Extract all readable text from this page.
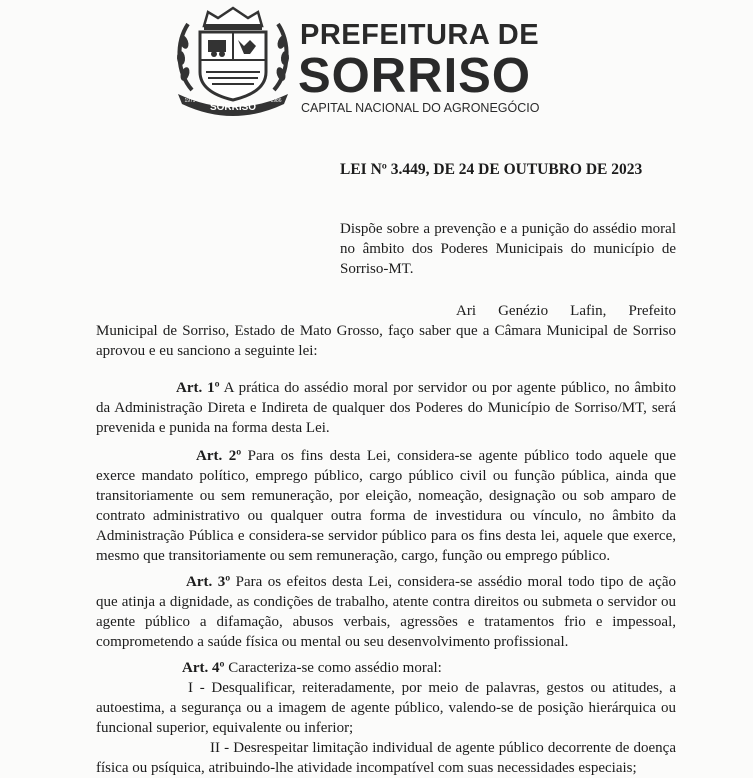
SORRISO
1979	1986
PREFEITURA DE
SORRISO
CAPITAL NACIONAL DO AGRONEGÓCIO
LEI Nº 3.449, DE 24 DE OUTUBRO DE 2023
Dispõe sobre a prevenção e a punição do assédio moral no âmbito dos Poderes Municipais do município de Sorriso-MT.
Ari Genézio Lafin, Prefeito Municipal de Sorriso, Estado de Mato Grosso, faço saber que a Câmara Municipal de Sorriso aprovou e eu sanciono a seguinte lei:
Art. 1º A prática do assédio moral por servidor ou por agente público, no âmbito da Administração Direta e Indireta de qualquer dos Poderes do Município de Sorriso/MT, será prevenida e punida na forma desta Lei.
Art. 2º Para os fins desta Lei, considera-se agente público todo aquele que exerce mandato político, emprego público, cargo público civil ou função pública, ainda que transitoriamente ou sem remuneração, por eleição, nomeação, designação ou sob amparo de contrato administrativo ou qualquer outra forma de investidura ou vínculo, no âmbito da Administração Pública e considera-se servidor público para os fins desta lei, aquele que exerce, mesmo que transitoriamente ou sem remuneração, cargo, função ou emprego público.
Art. 3º Para os efeitos desta Lei, considera-se assédio moral todo tipo de ação que atinja a dignidade, as condições de trabalho, atente contra direitos ou submeta o servidor ou agente público a difamação, abusos verbais, agressões e tratamentos frio e impessoal, comprometendo a saúde física ou mental ou seu desenvolvimento profissional.
Art. 4º Caracteriza-se como assédio moral:
I - Desqualificar, reiteradamente, por meio de palavras, gestos ou atitudes, a autoestima, a segurança ou a imagem de agente público, valendo-se de posição hierárquica ou funcional superior, equivalente ou inferior;
II - Desrespeitar limitação individual de agente público decorrente de doença física ou psíquica, atribuindo-lhe atividade incompatível com suas necessidades especiais;
